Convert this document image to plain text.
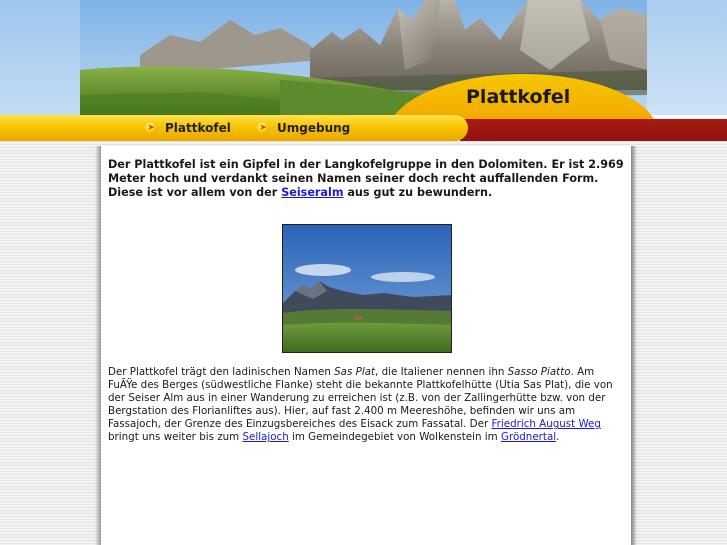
Plattkofel
➤ Plattkofel	➤ Umgebung

Der Plattkofel ist ein Gipfel in der Langkofelgruppe in den Dolomiten. Er ist 2.969 Meter hoch und verdankt seinen Namen seiner doch recht auffallenden Form. Diese ist vor allem von der Seiseralm aus gut zu bewundern.

Der Plattkofel trägt den ladinischen Namen Sas Plat, die Italiener nennen ihn Sasso Piatto. Am FuÃŸe des Berges (südwestliche Flanke) steht die bekannte Plattkofelhütte (Utia Sas Plat), die von der Seiser Alm aus in einer Wanderung zu erreichen ist (z.B. von der Zallingerhütte bzw. von der Bergstation des Florianliftes aus). Hier, auf fast 2.400 m Meereshöhe, befinden wir uns am Fassajoch, der Grenze des Einzugsbereiches des Eisack zum Fassatal. Der Friedrich August Weg bringt uns weiter bis zum Sellajoch im Gemeindegebiet von Wolkenstein im Grödnertal.
